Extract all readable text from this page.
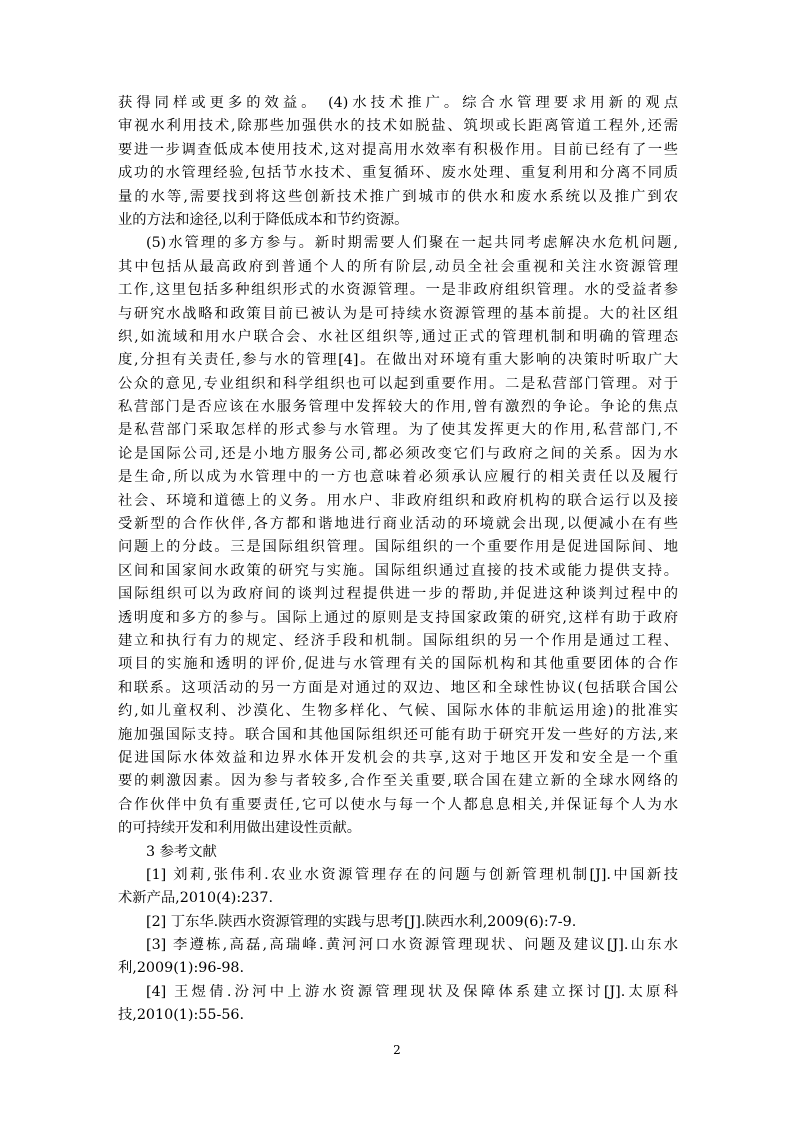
获得同样或更多的效益。 (4)水技术推广。综合水管理要求用新的观点
审视水利用技术,除那些加强供水的技术如脱盐、筑坝或长距离管道工程外,还需
要进一步调查低成本使用技术,这对提高用水效率有积极作用。目前已经有了一些
成功的水管理经验,包括节水技术、重复循环、废水处理、重复利用和分离不同质
量的水等,需要找到将这些创新技术推广到城市的供水和废水系统以及推广到农
业的方法和途径,以利于降低成本和节约资源。
(5)水管理的多方参与。新时期需要人们聚在一起共同考虑解决水危机问题,
其中包括从最高政府到普通个人的所有阶层,动员全社会重视和关注水资源管理
工作,这里包括多种组织形式的水资源管理。一是非政府组织管理。水的受益者参
与研究水战略和政策目前已被认为是可持续水资源管理的基本前提。大的社区组
织,如流域和用水户联合会、水社区组织等,通过正式的管理机制和明确的管理态
度,分担有关责任,参与水的管理[4]。在做出对环境有重大影响的决策时听取广大
公众的意见,专业组织和科学组织也可以起到重要作用。二是私营部门管理。对于
私营部门是否应该在水服务管理中发挥较大的作用,曾有激烈的争论。争论的焦点
是私营部门采取怎样的形式参与水管理。为了使其发挥更大的作用,私营部门,不
论是国际公司,还是小地方服务公司,都必须改变它们与政府之间的关系。因为水
是生命,所以成为水管理中的一方也意味着必须承认应履行的相关责任以及履行
社会、环境和道德上的义务。用水户、非政府组织和政府机构的联合运行以及接
受新型的合作伙伴,各方都和谐地进行商业活动的环境就会出现,以便减小在有些
问题上的分歧。三是国际组织管理。国际组织的一个重要作用是促进国际间、地
区间和国家间水政策的研究与实施。国际组织通过直接的技术或能力提供支持。
国际组织可以为政府间的谈判过程提供进一步的帮助,并促进这种谈判过程中的
透明度和多方的参与。国际上通过的原则是支持国家政策的研究,这样有助于政府
建立和执行有力的规定、经济手段和机制。国际组织的另一个作用是通过工程、
项目的实施和透明的评价,促进与水管理有关的国际机构和其他重要团体的合作
和联系。这项活动的另一方面是对通过的双边、地区和全球性协议(包括联合国公
约,如儿童权利、沙漠化、生物多样化、气候、国际水体的非航运用途)的批准实
施加强国际支持。联合国和其他国际组织还可能有助于研究开发一些好的方法,来
促进国际水体效益和边界水体开发机会的共享,这对于地区开发和安全是一个重
要的刺激因素。因为参与者较多,合作至关重要,联合国在建立新的全球水网络的
合作伙伴中负有重要责任,它可以使水与每一个人都息息相关,并保证每个人为水
的可持续开发和利用做出建设性贡献。
3 参考文献
[1] 刘莉,张伟利.农业水资源管理存在的问题与创新管理机制[J].中国新技
术新产品,2010(4):237.
[2] 丁东华.陕西水资源管理的实践与思考[J].陕西水利,2009(6):7-9.
[3] 李遵栋,高磊,高瑞峰.黄河河口水资源管理现状、问题及建议[J].山东水
利,2009(1):96-98.
[4] 王煜倩.汾河中上游水资源管理现状及保障体系建立探讨[J].太原科
技,2010(1):55-56.
2
